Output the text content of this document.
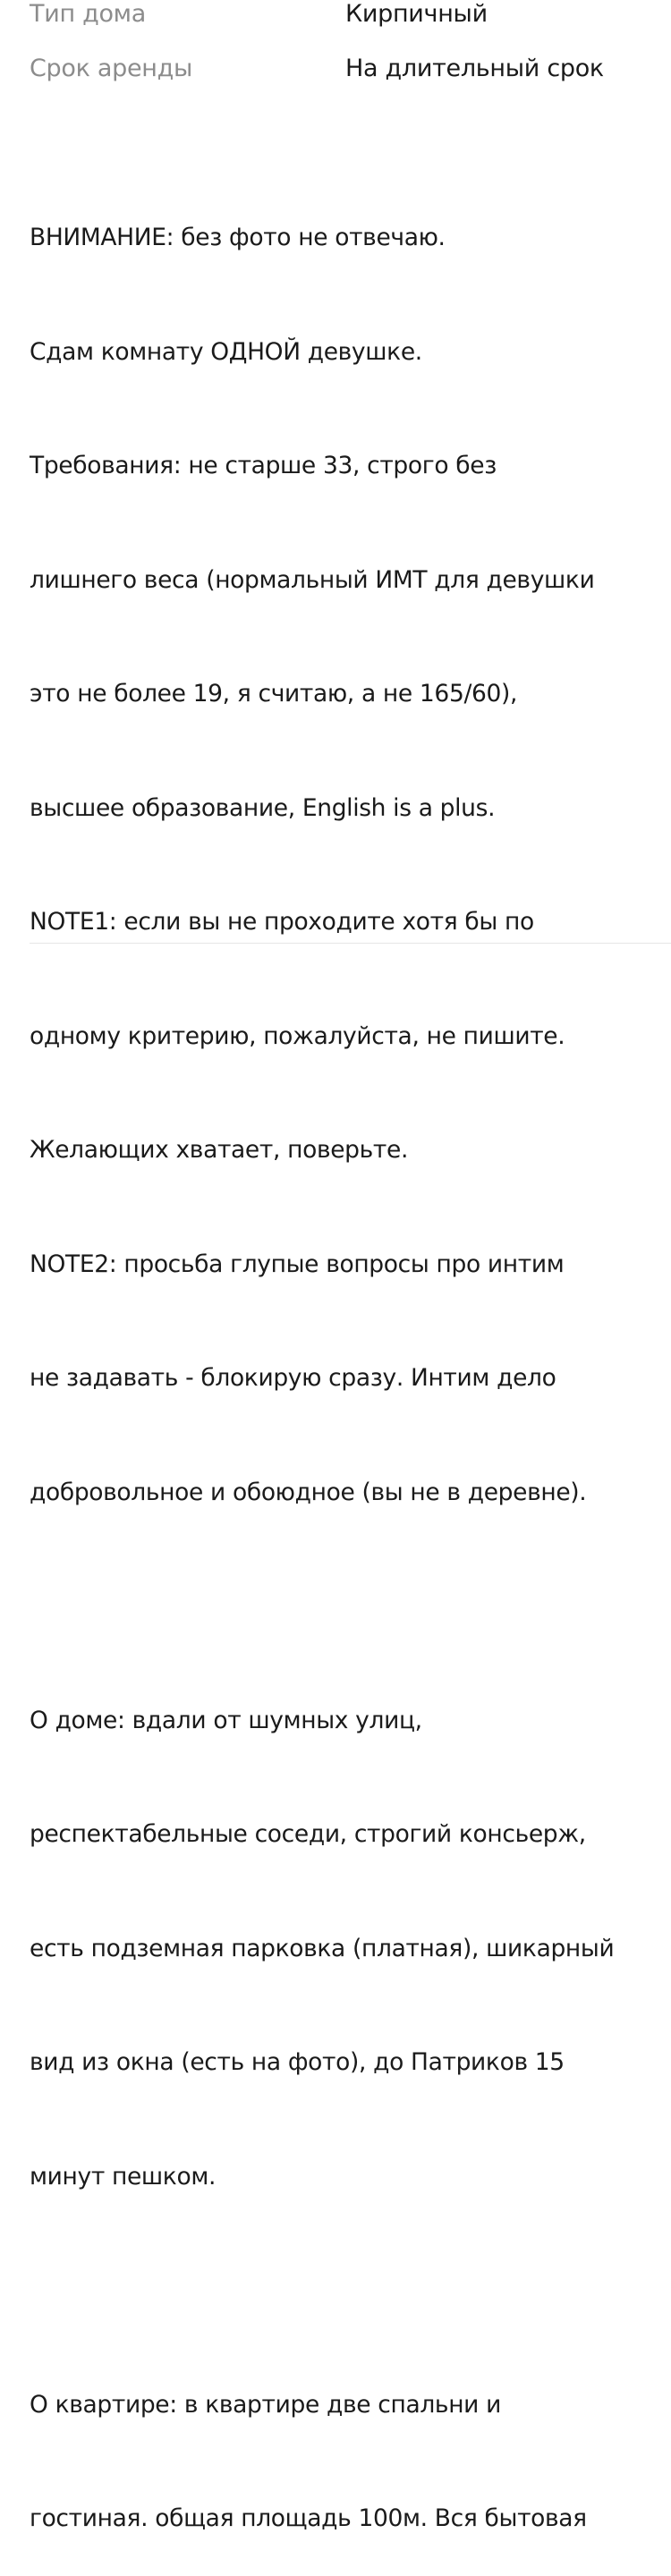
Тип дома	Кирпичный
Срок аренды	На длительный срок

ВНИМАНИЕ: без фото не отвечаю.

Сдам комнату ОДНОЙ девушке.

Требования: не старше 33, строго без

лишнего веса (нормальный ИМТ для девушки

это не более 19, я считаю, а не 165/60),

высшее образование, English is a plus.

NOTE1: если вы не проходите хотя бы по

одному критерию, пожалуйста, не пишите.

Желающих хватает, поверьте.

NOTE2: просьба глупые вопросы про интим

не задавать - блокирую сразу. Интим дело

добровольное и обоюдное (вы не в деревне).

О доме: вдали от шумных улиц,

респектабельные соседи, строгий консьерж,

есть подземная парковка (платная), шикарный

вид из окна (есть на фото), до Патриков 15

минут пешком.

О квартире: в квартире две спальни и

гостиная. общая площадь 100м. Вся бытовая
